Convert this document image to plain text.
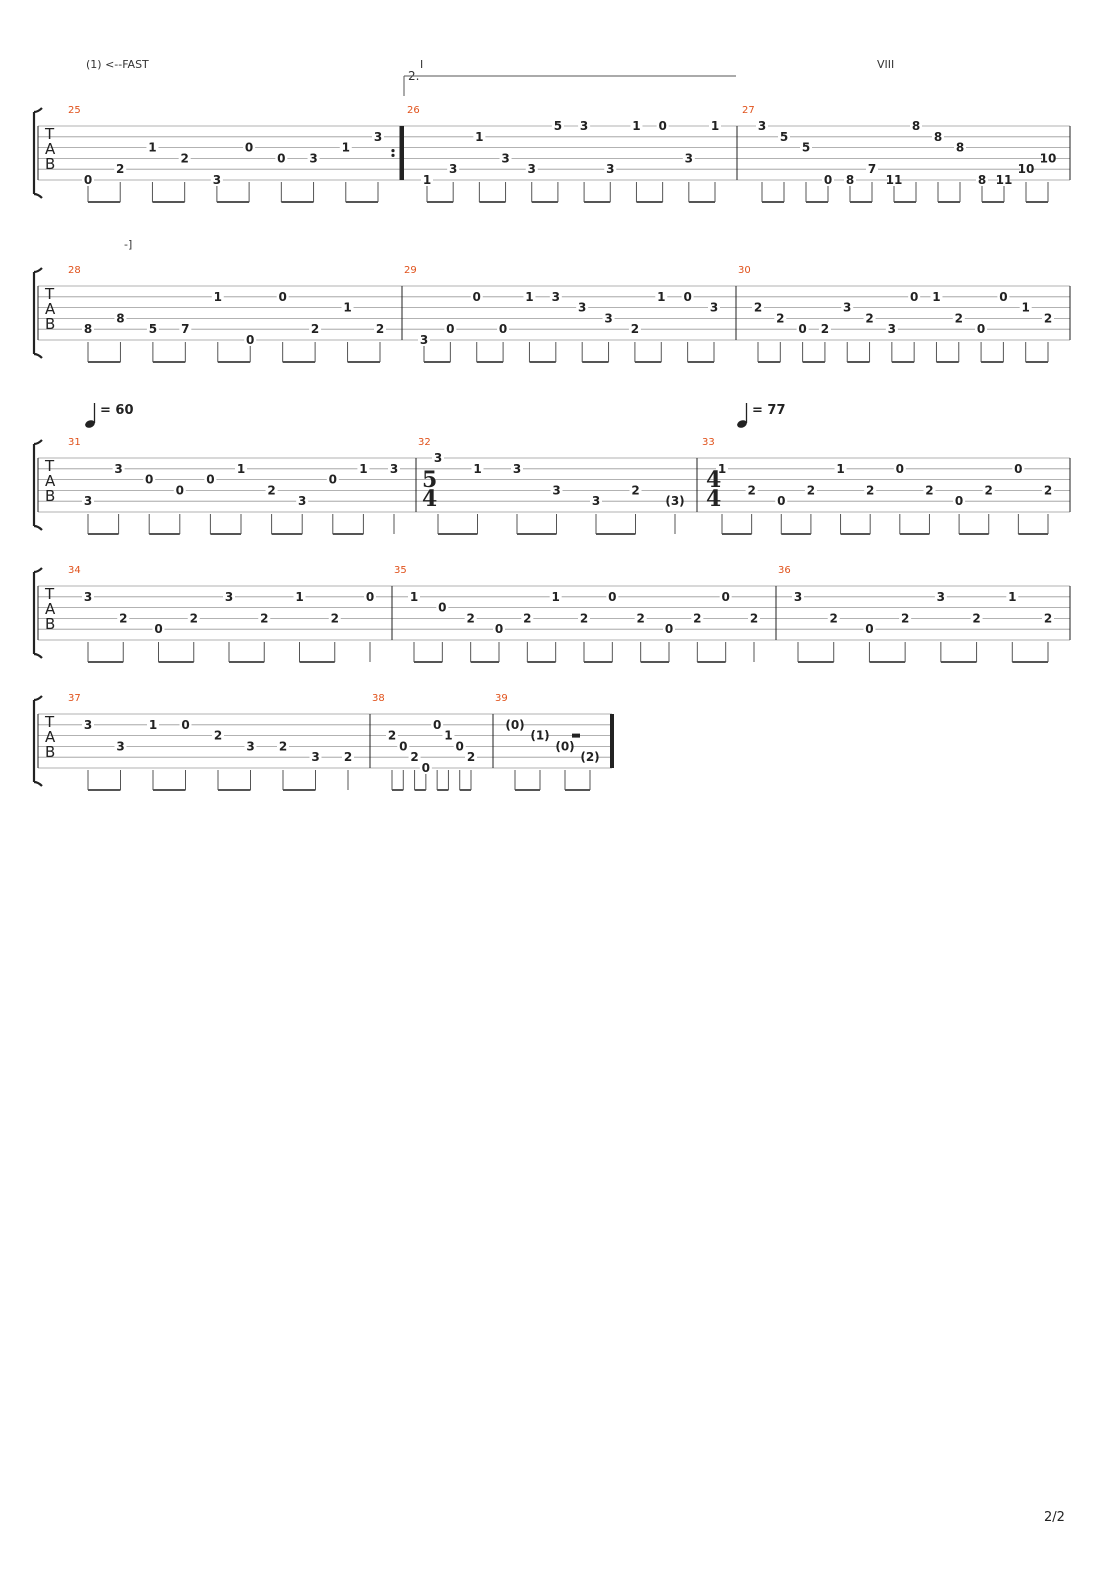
T
A
B
25
0
2
1
2
3
0
0 3
1
3
26
1
3
1
3
3
5 3
3
1 0
3
1
27
3
5
5
0 8
7
11
8
8
8
8 11
10
10
T
A
B
28
8
8
5 7
1
0
0
2
1
2
29
3
0
0
0
1 3
3
3
2
1 0
3
30
2
2
0 2
3
2
3
0 1
2
0
0
1
2
T
A
B
31
3
3
0
0
0
1
2
3
0
1 3
32
3
1	3
3
3
2
(3)
33
1
2
0
2
1
2
0
2
0
2
0
2
T
A
B
34
3
2
0
2
3
2
1
2
0
35
1
0
2
0
2
1
2
0
2
0
2
0
2
36
3
2
0
2
3
2
1
2
T
A
B
37
3
3
1 0
2
3 2
3 2
38
2
0
2
0
0
1
0
2
39
(0)
(1)
(0)
(2)
(1) <--FAST	I
2.
VIII
-]
= 60	= 77
5
4
4
4
2/2
